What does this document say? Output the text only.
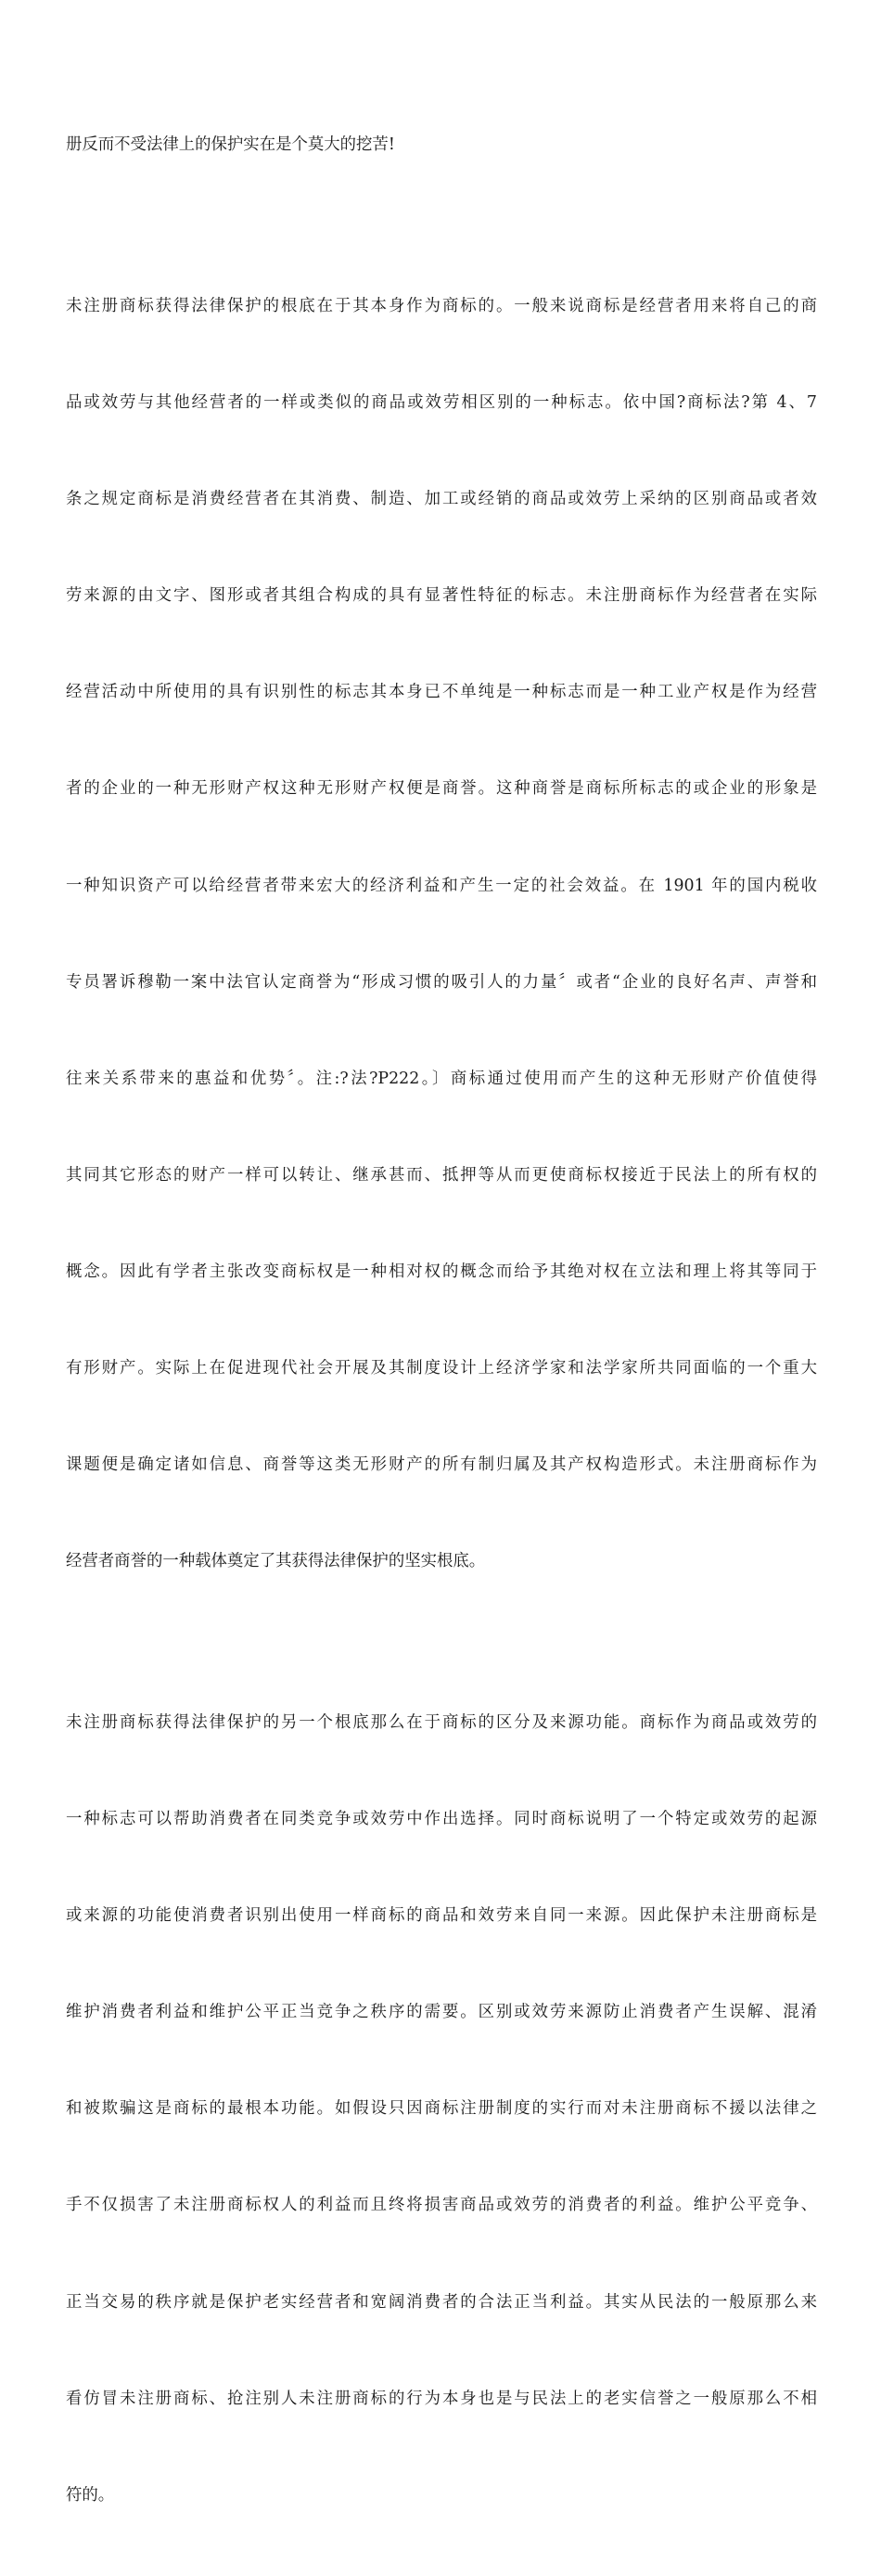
册反而不受法律上的保护实在是个莫大的挖苦!

未注册商标获得法律保护的根底在于其本身作为商标的。一般来说商标是经营者用来将自己的商

品或效劳与其他经营者的一样或类似的商品或效劳相区别的一种标志。依中国?商标法?第 4、7

条之规定商标是消费经营者在其消费、制造、加工或经销的商品或效劳上采纳的区别商品或者效

劳来源的由文字、图形或者其组合构成的具有显著性特征的标志。未注册商标作为经营者在实际

经营活动中所使用的具有识别性的标志其本身已不单纯是一种标志而是一种工业产权是作为经营

者的企业的一种无形财产权这种无形财产权便是商誉。这种商誉是商标所标志的或企业的形象是

一种知识资产可以给经营者带来宏大的经济利益和产生一定的社会效益。在 1901 年的国内税收

专员署诉穆勒一案中法官认定商誉为“形成习惯的吸引人的力量〞或者“企业的良好名声、声誉和

往来关系带来的惠益和优势〞。注:?法?P222。〕商标通过使用而产生的这种无形财产价值使得

其同其它形态的财产一样可以转让、继承甚而、抵押等从而更使商标权接近于民法上的所有权的

概念。因此有学者主张改变商标权是一种相对权的概念而给予其绝对权在立法和理上将其等同于

有形财产。实际上在促进现代社会开展及其制度设计上经济学家和法学家所共同面临的一个重大

课题便是确定诸如信息、商誉等这类无形财产的所有制归属及其产权构造形式。未注册商标作为

经营者商誉的一种载体奠定了其获得法律保护的坚实根底。

未注册商标获得法律保护的另一个根底那么在于商标的区分及来源功能。商标作为商品或效劳的

一种标志可以帮助消费者在同类竞争或效劳中作出选择。同时商标说明了一个特定或效劳的起源

或来源的功能使消费者识别出使用一样商标的商品和效劳来自同一来源。因此保护未注册商标是

维护消费者利益和维护公平正当竞争之秩序的需要。区别或效劳来源防止消费者产生误解、混淆

和被欺骗这是商标的最根本功能。如假设只因商标注册制度的实行而对未注册商标不援以法律之

手不仅损害了未注册商标权人的利益而且终将损害商品或效劳的消费者的利益。维护公平竞争、

正当交易的秩序就是保护老实经营者和宽阔消费者的合法正当利益。其实从民法的一般原那么来

看仿冒未注册商标、抢注别人未注册商标的行为本身也是与民法上的老实信誉之一般原那么不相

符的。
